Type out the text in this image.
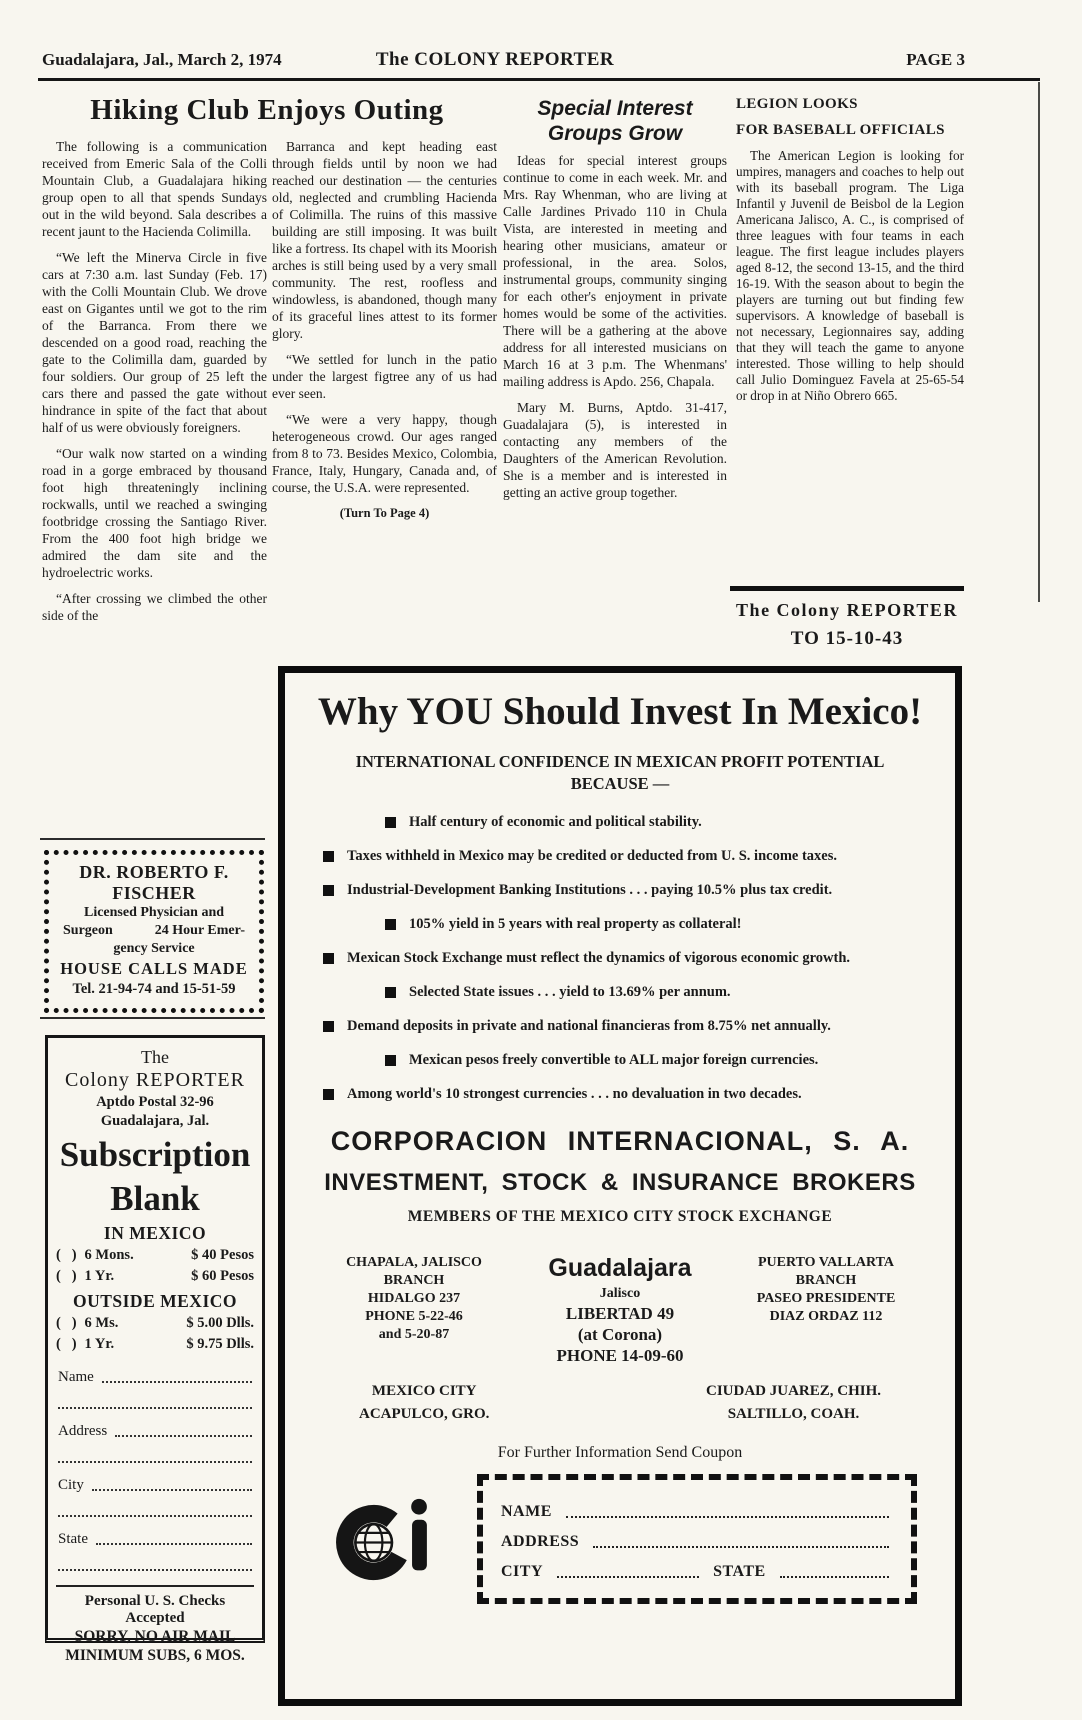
Guadalajara, Jal., March 2, 1974	The COLONY REPORTER	PAGE 3
Hiking Club Enjoys Outing

The following is a communication received from Emeric Sala of the Colli Mountain Club, a Guadalajara hiking group open to all that spends Sundays out in the wild beyond. Sala describes a recent jaunt to the Hacienda Colimilla.

“We left the Minerva Circle in five cars at 7:30 a.m. last Sunday (Feb. 17) with the Colli Mountain Club. We drove east on Gigantes until we got to the rim of the Barranca. From there we descended on a good road, reaching the gate to the Colimilla dam, guarded by four soldiers. Our group of 25 left the cars there and passed the gate without hindrance in spite of the fact that about half of us were obviously foreigners.

“Our walk now started on a winding road in a gorge embraced by thousand foot high threateningly inclining rockwalls, until we reached a swinging footbridge crossing the Santiago River. From the 400 foot high bridge we admired the dam site and the hydroelectric works.

“After crossing we climbed the other side of the

Barranca and kept heading east through fields until by noon we had reached our destination — the centuries old, neglected and crumbling Hacienda of Colimilla. The ruins of this massive building are still imposing. It was built like a fortress. Its chapel with its Moorish arches is still being used by a very small community. The rest, roofless and windowless, is abandoned, though many of its graceful lines attest to its former glory.

“We settled for lunch in the patio under the largest figtree any of us had ever seen.

“We were a very happy, though heterogeneous crowd. Our ages ranged from 8 to 73. Besides Mexico, Colombia, France, Italy, Hungary, Canada and, of course, the U.S.A. were represented.

(Turn To Page 4)

Special Interest
Groups Grow

Ideas for special interest groups continue to come in each week. Mr. and Mrs. Ray Whenman, who are living at Calle Jardines Privado 110 in Chula Vista, are interested in meeting and hearing other musicians, amateur or professional, in the area. Solos, instrumental groups, community singing for each other's enjoyment in private homes would be some of the activities. There will be a gathering at the above address for all interested musicians on March 16 at 3 p.m. The Whenmans' mailing address is Apdo. 256, Chapala.

Mary M. Burns, Aptdo. 31-417, Guadalajara (5), is interested in contacting any members of the Daughters of the American Revolution. She is a member and is interested in getting an active group together.

LEGION LOOKS
FOR BASEBALL OFFICIALS

The American Legion is looking for umpires, managers and coaches to help out with its baseball program. The Liga Infantil y Juvenil de Beisbol de la Legion Americana Jalisco, A. C., is comprised of three leagues with four teams in each league. The first league includes players aged 8-12, the second 13-15, and the third 16-19. With the season about to begin the players are turning out but finding few supervisors. A knowledge of baseball is not necessary, Legionnaires say, adding that they will teach the game to anyone interested. Those willing to help should call Julio Dominguez Favela at 25-65-54 or drop in at Niño Obrero 665.

The Colony REPORTER
TO 15-10-43
DR. ROBERTO F.
FISCHER
Licensed Physician and
Surgeon	24 Hour Emer-
gency Service
HOUSE CALLS MADE
Tel. 21-94-74 and 15-51-59
The
Colony REPORTER
Aptdo Postal 32-96
Guadalajara, Jal.
Subscription
Blank
IN MEXICO
(   ) 6 Mons.	$ 40 Pesos
(   ) 1 Yr.	$ 60 Pesos
OUTSIDE MEXICO
(   ) 6 Ms.	$ 5.00 Dlls.
(   ) 1 Yr.	$ 9.75 Dlls.
Name
Address
City
State
Personal U. S. Checks
Accepted
SORRY, NO AIR MAIL
MINIMUM SUBS, 6 MOS.
Why YOU Should Invest In Mexico!
INTERNATIONAL CONFIDENCE IN MEXICAN PROFIT POTENTIAL
BECAUSE —
Half century of economic and political stability.
Taxes withheld in Mexico may be credited or deducted from U. S. income taxes.
Industrial-Development Banking Institutions . . . paying 10.5% plus tax credit.
105% yield in 5 years with real property as collateral!
Mexican Stock Exchange must reflect the dynamics of vigorous economic growth.
Selected State issues . . . yield to 13.69% per annum.
Demand deposits in private and national financieras from 8.75% net annually.
Mexican pesos freely convertible to ALL major foreign currencies.
Among world's 10 strongest currencies . . . no devaluation in two decades.
CORPORACION INTERNACIONAL, S. A.
INVESTMENT, STOCK & INSURANCE BROKERS
MEMBERS OF THE MEXICO CITY STOCK EXCHANGE
CHAPALA, JALISCO
BRANCH
HIDALGO 237
PHONE 5-22-46
and 5-20-87
Guadalajara
Jalisco
LIBERTAD 49
(at Corona)
PHONE 14-09-60
PUERTO VALLARTA
BRANCH
PASEO PRESIDENTE
DIAZ ORDAZ 112
MEXICO CITY
ACAPULCO, GRO.
CIUDAD JUAREZ, CHIH.
SALTILLO, COAH.
For Further Information Send Coupon
NAME
ADDRESS
CITY	STATE
